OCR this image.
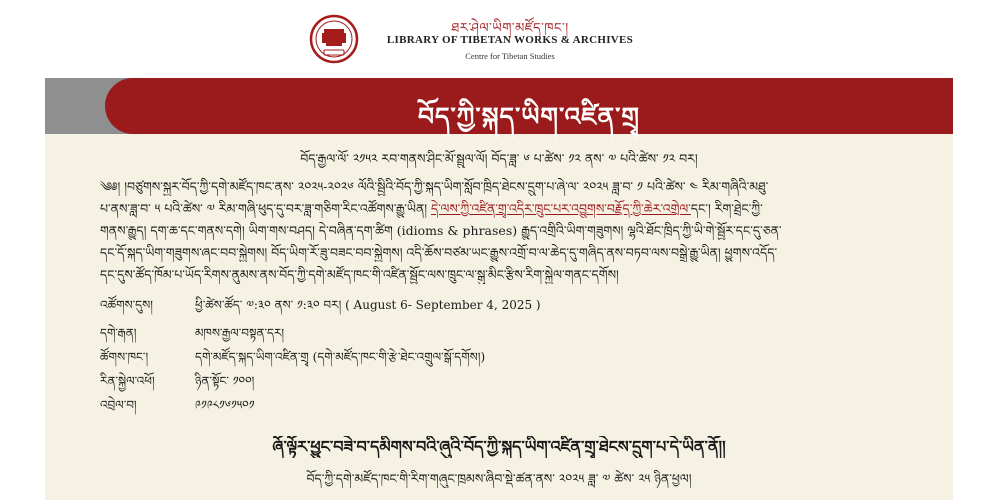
ཐར་ཤེལ་ཡིག་མཛོད་ཁང་།
LIBRARY OF TIBETAN WORKS & ARCHIVES
Centre for Tibetan Studies
བོད་ཀྱི་སྐད་ཡིག་འཛིན་གྲྭ
བོད་རྒྱལ་ལོ་ ༢༡༥༢ རབ་གནས་ཤིང་མོ་སྦྲུལ་ལོ། བོད་ཟླ་ ༦ པ་ཚེས་ ༡༢ ནས་ ༧ པའི་ཚེས་ ༡༢ བར།
༄༅། །བཙུགས་སྐྱར་བོད་ཀྱི་དགེ་མཛོད་ཁང་ནས་ ༢༠༢༥-༢༠༢༦ ལོའི་སྦྱིའི་བོད་ཀྱི་སྐད་ཡིག་སློབ་ཁྲིད་ཐེངས་དྲུག་པ་ཞེ་ལ་ ༢༠༢༥ ཟླ་བ་ ༡ པའི་ཚེས་ ༤ རིམ་གཞིའི་མཐུ་
པ་ནས་ཟླ་བ་ ༥ པའི་ཚེས་ ༧ རིམ་གཞི་ཕུད་དུ་བར་ཟླ་གཅིག་རིང་འཚོགས་རྒྱུ་ཡིན། དེ་ལས་ཀྱི་འཛིན་གྲྭ་འདིར་ཁྲུང་པར་འབྱུགས་བརྗོད་ཀྱི་ཆེར་འགྲེལ་དང་། རིག་ཐྲེང་ཀྱི་
གནས་རྒྱུད། དག་ཆ་དང་གནས་དགེ། ཡིག་གས་བཤད། དེ་བཞིན་དག་ཚིག (idioms & phrases) རྒྱུད་འགྲིའི་ཡིག་གཟུགས། ལྷའི་ཐོང་ཁྲིད་ཀྱི་ཡི་གེ་སྦྱོར་དང་དུ་ཅན་
དང་དོ་སྐད་ཡིག་གཟུགས་ཞང་བབ་སྐྱེགས། བོད་ཡིག་རོ་ཟུ་བཟང་བབ་སྐྱེགས། འདི་ཆོས་བཙམ་ཡང་རྒྱུས་འགྲོ་བ་ལ་ཆེད་དུ་གཞིད་ནས་བཏབ་ལས་བསྒྲེ་རྒྱུ་ཡིན། ཕྱུགས་འདོད་
དང་དུས་ཚོད་ཁོམ་པ་ཡོད་རིགས་ནུམས་ནས་བོད་ཀྱི་དགེ་མཛོད་ཁང་གི་འཛིན་སྦྱོང་ལས་ཁྲུང་ལ་སྒུ་མིང་རྩིས་རིག་སྐྱེལ་གནང་དགོས།
འཚོགས་དུས།	ཕྱི་ཚེས་ཚོད་ ༧:༣༠ ནས་ ༡:༣༠ བར། ( August 6- September 4, 2025 )
དགེ་རྒན།	མཁས་རྒྱལ་བསྟན་དར།
ཚོགས་ཁང་།	དགེ་མཛོད་སྐད་ཡིག་འཛིན་གྲྭ (དགེ་མཛོད་ཁང་གི་རྩེ་ཐེང་འགྲུལ་སྒོ་དགོས།)
རིན་སྐྱེལ་འཕོ།	ཉིན་སྟོང་ ༡༠༠།
འབྲེལ་བ།	༩༡༩༨༡༦༡༥༠༡
ཞོ་ལྟོར་ཕྱུང་བཟེ་བ་དམིགས་བའི་ཞུའི་བོད་ཀྱི་སྐད་ཡིག་འཛིན་གྲྭ་ཐེངས་དྲུག་པ་དེ་ཡིན་ནོ།།
བོད་ཀྱི་དགེ་མཛོད་ཁང་གི་རིག་གཞུང་ཁྲམས་ཞིབ་སྡེ་ཚན་ནས་ ༢༠༢༥ ཟླ་ ༧ ཚེས་ ༢༥ ཉིན་ཕྱལ།
